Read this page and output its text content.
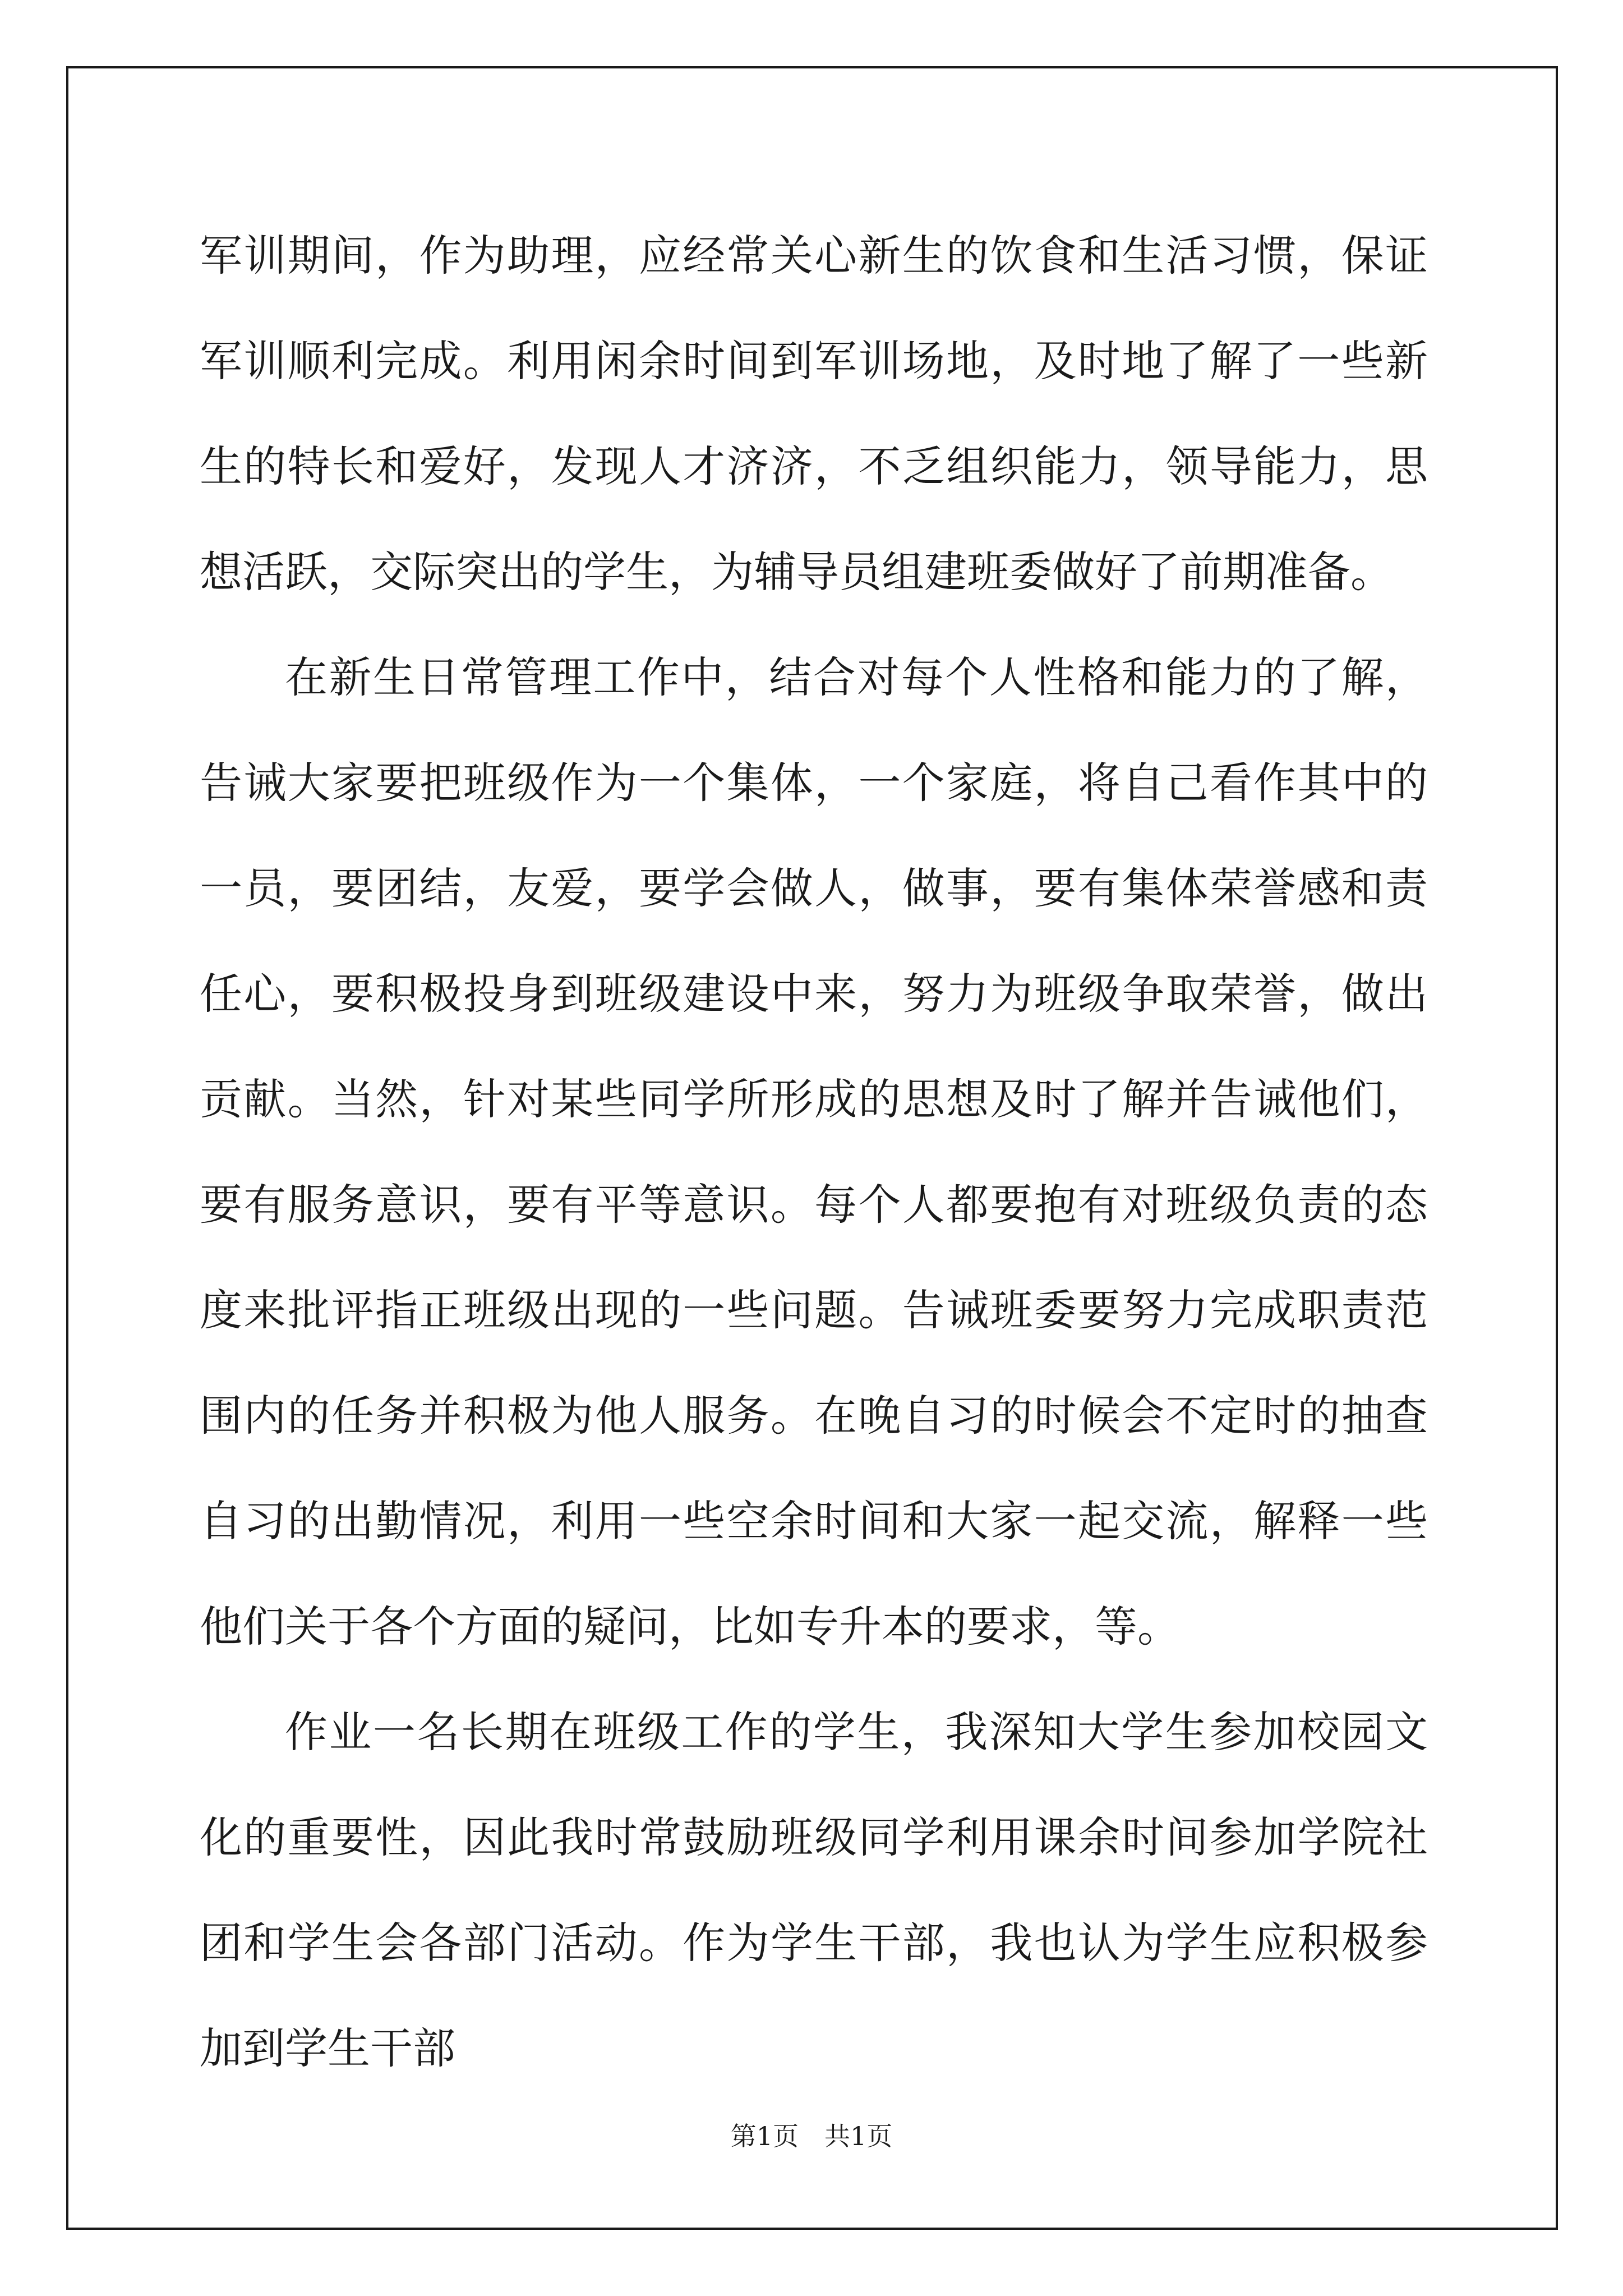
军训期间，作为助理，应经常关心新生的饮食和生活习惯，保证军训顺利完成。利用闲余时间到军训场地，及时地了解了一些新生的特长和爱好，发现人才济济，不乏组织能力，领导能力，思想活跃，交际突出的学生，为辅导员组建班委做好了前期准备。

在新生日常管理工作中，结合对每个人性格和能力的了解，告诫大家要把班级作为一个集体，一个家庭，将自己看作其中的一员，要团结，友爱，要学会做人，做事，要有集体荣誉感和责任心，要积极投身到班级建设中来，努力为班级争取荣誉，做出贡献。当然，针对某些同学所形成的思想及时了解并告诫他们，要有服务意识，要有平等意识。每个人都要抱有对班级负责的态度来批评指正班级出现的一些问题。告诫班委要努力完成职责范围内的任务并积极为他人服务。在晚自习的时候会不定时的抽查自习的出勤情况，利用一些空余时间和大家一起交流，解释一些他们关于各个方面的疑问，比如专升本的要求，等。

作业一名长期在班级工作的学生，我深知大学生参加校园文化的重要性，因此我时常鼓励班级同学利用课余时间参加学院社团和学生会各部门活动。作为学生干部，我也认为学生应积极参加到学生干部

第1页　共1页
